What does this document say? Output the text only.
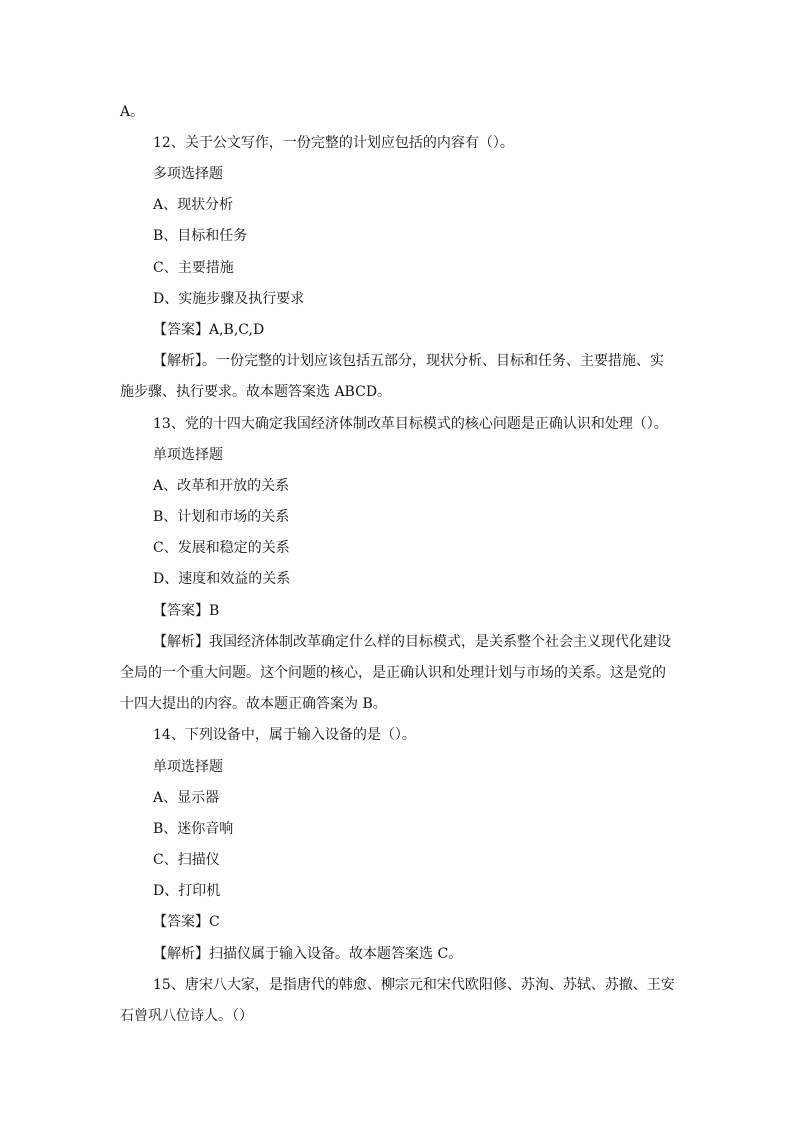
A。
12、关于公文写作，一份完整的计划应包括的内容有（）。
多项选择题
A、现状分析
B、目标和任务
C、主要措施
D、实施步骤及执行要求
【答案】A,B,C,D
【解析】。一份完整的计划应该包括五部分，现状分析、目标和任务、主要措施、实
施步骤、执行要求。故本题答案选 ABCD。
13、党的十四大确定我国经济体制改革目标模式的核心问题是正确认识和处理（）。
单项选择题
A、改革和开放的关系
B、计划和市场的关系
C、发展和稳定的关系
D、速度和效益的关系
【答案】B
【解析】我国经济体制改革确定什么样的目标模式，是关系整个社会主义现代化建设
全局的一个重大问题。这个问题的核心，是正确认识和处理计划与市场的关系。这是党的
十四大提出的内容。故本题正确答案为 B。
14、下列设备中，属于输入设备的是（）。
单项选择题
A、显示器
B、迷你音响
C、扫描仪
D、打印机
【答案】C
【解析】扫描仪属于输入设备。故本题答案选 C。
15、唐宋八大家，是指唐代的韩愈、柳宗元和宋代欧阳修、苏洵、苏轼、苏撤、王安
石曾巩八位诗人。（）
